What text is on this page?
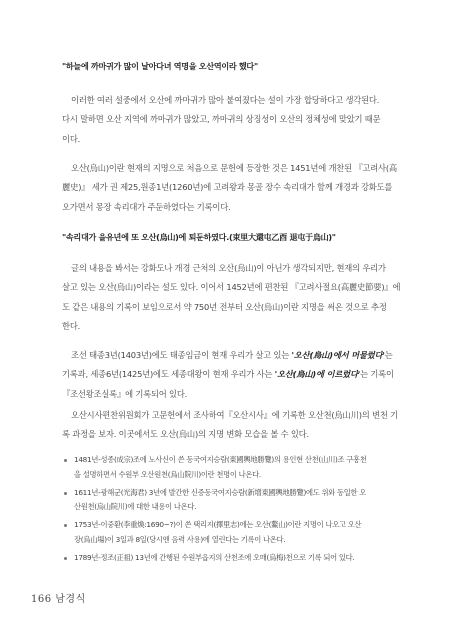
"하늘에 까마귀가 많이 날아다녀 역명을 오산역이라 했다"
이러한 여러 설중에서 오산에 까마귀가 많아 붙여졌다는 설이 가장 합당하다고 생각된다.
다시 말하면 오산 지역에 까마귀가 많았고, 까마귀의 상징성이 오산의 정체성에 맞았기 때문
이다.
오산(烏山)이란 현재의 지명으로 처음으로 문헌에 등장한 것은 1451년에 개찬된 『고려사(高
麗史)』 세가 권 제25,원종1년(1260년)에 고려왕과 몽골 장수 속리대가 함께 개경과 강화도를
오가면서 몽장 속리대가 주둔하였다는 기록이다.
"속리대가 을유년에 또 오산(烏山)에 퇴둔하였다.(束里大還屯乙酉 退屯于烏山)"
글의 내용을 봐서는 강화도나 개경 근처의 오산(烏山)이 아닌가 생각되지만, 현재의 우리가
살고 있는 오산(烏山)이라는 설도 있다. 이어서 1452년에 편찬된 『고려사절요(高麗史節要)』에
도 같은 내용의 기록이 보임으로서 약 750년 전부터 오산(烏山)이란 지명을 써온 것으로 추정
한다.
조선 태종3년(1403년)에도 태종임금이 현재 우리가 살고 있는 '오산(烏山)에서 머물렀다'는
기록과, 세종6년(1425년)에도 세종대왕이 현재 우리가 사는 '오산(烏山)에 이르렀다'는 기록이
『조선왕조실록』에 기록되어 있다.
오산시사편찬위원회가 고문헌에서 조사하여『오산시사』에 기록한 오산천(烏山川)의 변천 기
록 과정을 보자. 이곳에서도 오산(烏山)의 지명 변화 모습을 볼 수 있다.
1481년-성종(成宗)조에 노사신이 쓴 동국여지승람(東國輿地勝覽)의 용인현 산천(山川)조 구흥천
을 설명하면서 수원부 오산원천(烏山院川)이란 천명이 나온다.
1611년-광해군(光海君) 3년에 발간한 신증동국여지승람(新增東國輿地勝覽)에도 위와 동일한 오
산원천(烏山院川)에 대한 내용이 나온다.
1753년-이중환(李重煥:1690~?)이 쓴 택리지(擇里志)에는 오산(鰲山)이란 지명이 나오고 오산
장(烏山場)이 3일과 8일(당시엔 음력 사용)에 열린다는 기록이 나온다.
1789년-정조(正祖) 13년에 간행된 수원부읍지의 산천조에 오매(烏梅)천으로 기록 되어 있다.
166 남경식
